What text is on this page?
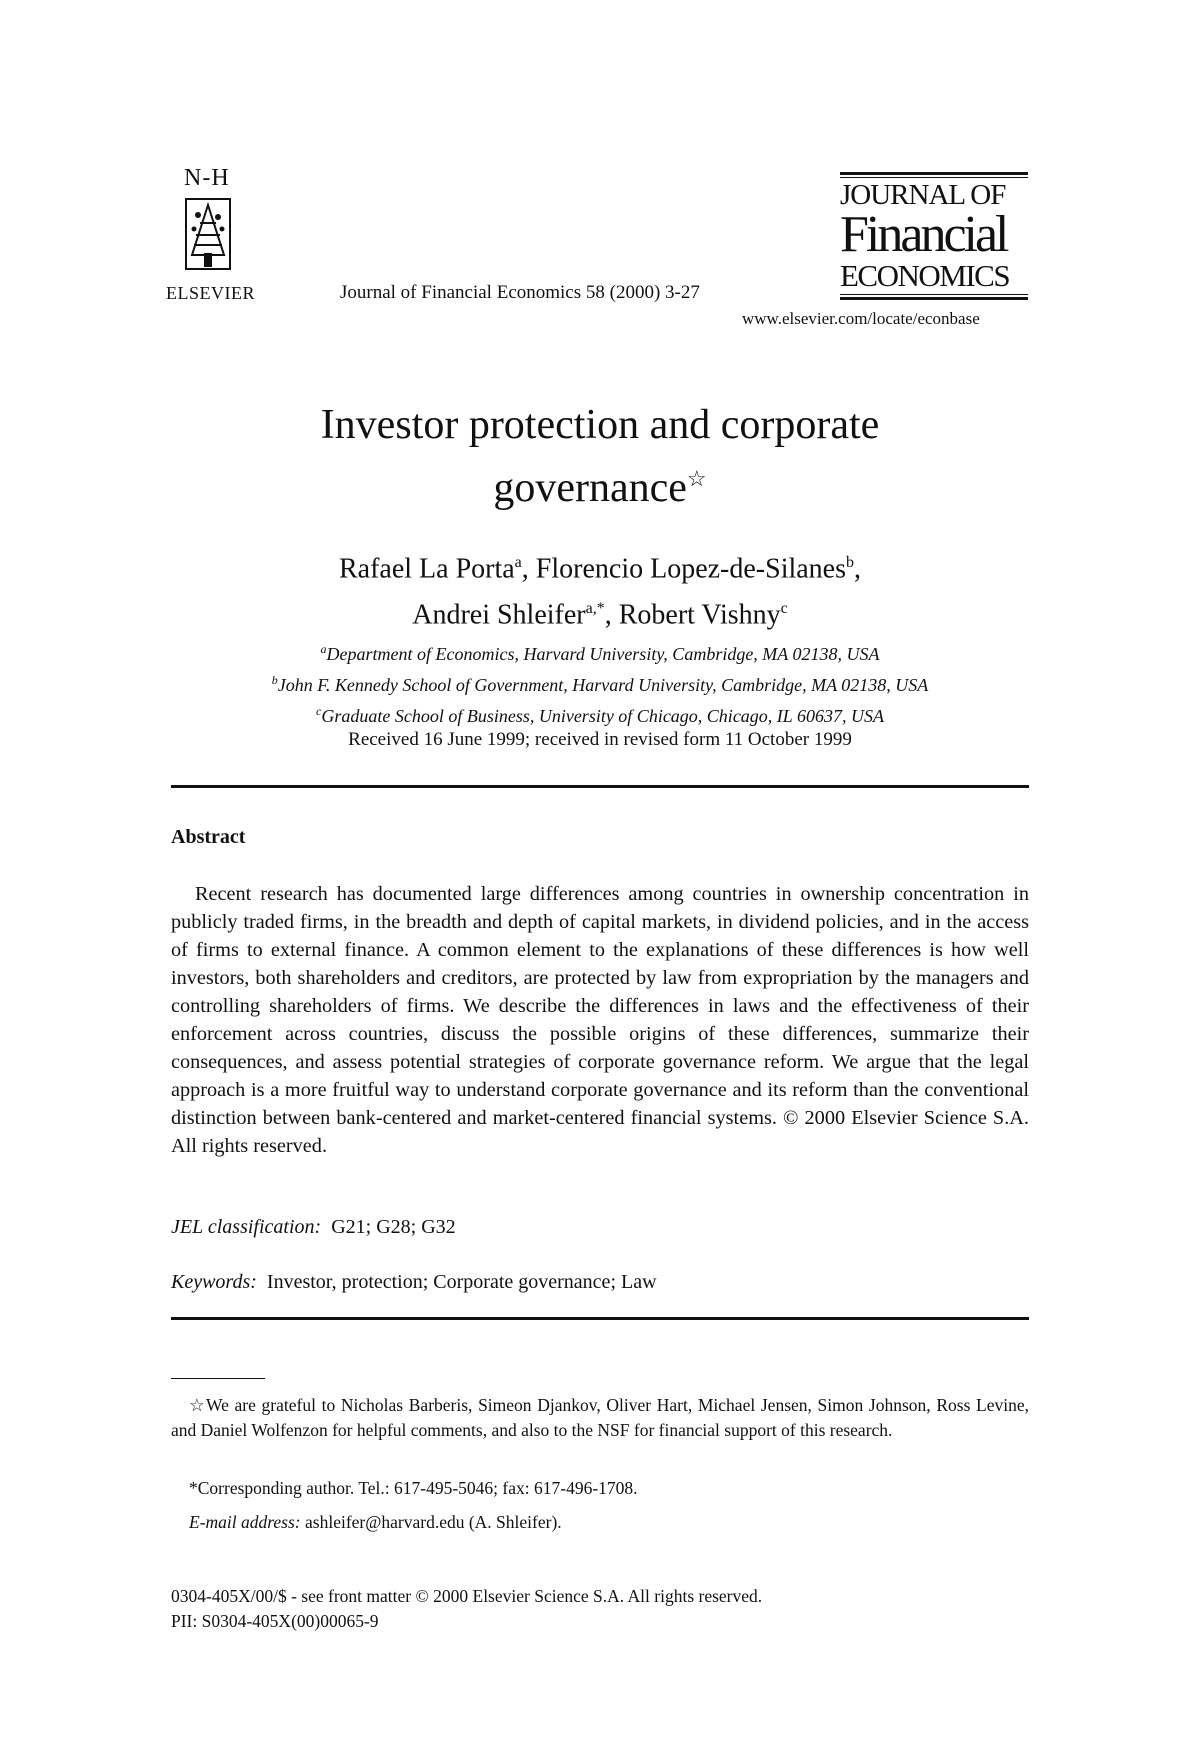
N-H
ELSEVIER	Journal of Financial Economics 58 (2000) 3-27
JOURNAL OF
Financial
ECONOMICS
www.elsevier.com/locate/econbase
Investor protection and corporate
governance☆
Rafael La Porta$^a$, Florencio Lopez-de-Silanes$^b$,
Andrei Shleifer$^{a,*}$, Robert Vishny$^c$
$^a$Department of Economics, Harvard University, Cambridge, MA 02138, USA
$^b$John F. Kennedy School of Government, Harvard University, Cambridge, MA 02138, USA
$^c$Graduate School of Business, University of Chicago, Chicago, IL 60637, USA
Received 16 June 1999; received in revised form 11 October 1999
Abstract
Recent research has documented large differences among countries in ownership concentration in publicly traded firms, in the breadth and depth of capital markets, in dividend policies, and in the access of firms to external finance. A common element to the explanations of these differences is how well investors, both shareholders and creditors, are protected by law from expropriation by the managers and controlling shareholders of firms. We describe the differences in laws and the effectiveness of their enforcement across countries, discuss the possible origins of these differences, summarize their consequences, and assess potential strategies of corporate governance reform. We argue that the legal approach is a more fruitful way to understand corporate governance and its reform than the conventional distinction between bank-centered and market-centered financial systems. © 2000 Elsevier Science S.A. All rights reserved.
JEL classification: G21; G28; G32
Keywords: Investor, protection; Corporate governance; Law
☆We are grateful to Nicholas Barberis, Simeon Djankov, Oliver Hart, Michael Jensen, Simon Johnson, Ross Levine, and Daniel Wolfenzon for helpful comments, and also to the NSF for financial support of this research.
*Corresponding author. Tel.: 617-495-5046; fax: 617-496-1708.
E-mail address: ashleifer@harvard.edu (A. Shleifer).
0304-405X/00/$ - see front matter © 2000 Elsevier Science S.A. All rights reserved.
PII: S0304-405X(00)00065-9
